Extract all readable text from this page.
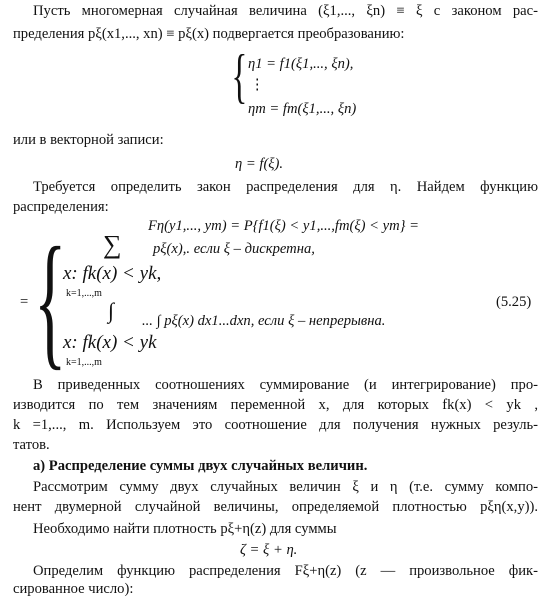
Пусть многомерная случайная величина (ξ1,..., ξn) ≡ ξ с законом рас-
пределения pξ(x1,..., xn) ≡ pξ(x) подвергается преобразованию:
{ η1 = f1(ξ1,..., ξn),
⋮
ηm = fm(ξ1,..., ξn)
или в векторной записи:
η = f(ξ).
Требуется определить закон распределения для η. Найдем функцию
распределения:
Fη(y1,..., ym) = P{f1(ξ) < y1,...,fm(ξ) < ym} =
= { ∑ pξ(x),. если ξ – дискретна,
x: fk(x) < yk,
k=1,...,m
∫ ... ∫ pξ(x) dx1...dxn, если ξ – непрерывна.
x: fk(x) < yk
k=1,...,m
(5.25)
В приведенных соотношениях суммирование (и интегрирование) про-
изводится по тем значениям переменной x, для которых fk(x) < yk ,
k =1,..., m. Используем это соотношение для получения нужных резуль-
татов.
а) Распределение суммы двух случайных величин.
Рассмотрим сумму двух случайных величин ξ и η (т.е. сумму компо-
нент двумерной случайной величины, определяемой плотностью pξη(x,y)).
Необходимо найти плотность pξ+η(z) для суммы
ζ = ξ + η.
Определим функцию распределения Fξ+η(z) (z — произвольное фик-
сированное число):
